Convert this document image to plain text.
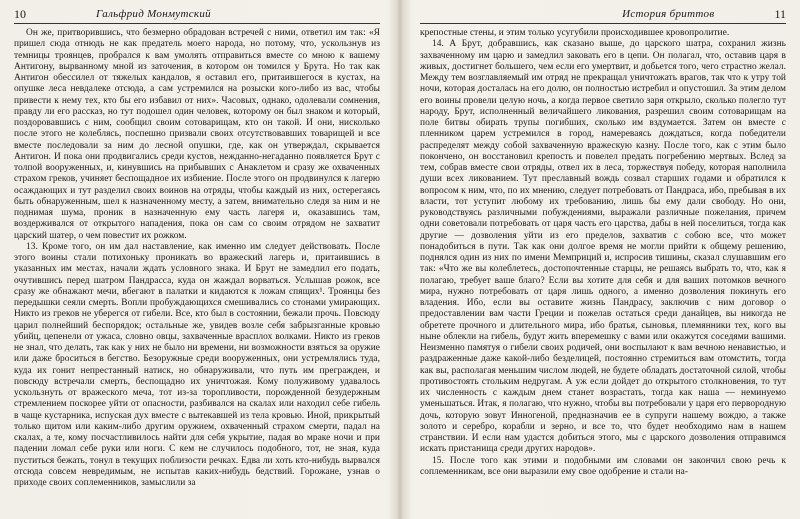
10	Гальфрид Монмутский

Он же, притворившись, что безмерно обрадован встречей с ними, ответил им так: «Я пришел сюда отнюдь не как предатель моего народа, но потому, что, ускользнув из темницы троянцев, пробрался к вам умолять отправиться вместе со мною к вашему Антигону, вырванному мной из заточения, в котором он томился у Брута. Но так как Антигон обессилел от тяжелых кандалов, я оставил его, притаившегося в кустах, на опушке леса невдалеке отсюда, а сам устремился на розыски кого-либо из вас, чтобы привести к нему тех, кто бы его избавил от них». Часовых, однако, одолевали сомнения, правду ли его рассказ, но тут подошел один человек, которому он был знаком и который, поздоровавшись с ним, сообщил своим сотоварищам, кто он такой. И они, нисколько после этого не колеблясь, поспешно призвали своих отсутствовавших товарищей и все вместе последовали за ним до лесной опушки, где, как он утверждал, скрывается Антигон. И пока они продвигались среди кустов, нежданно-негаданно появляется Брут с толпой вооруженных, и, кинувшись на прибывших с Анаклетом и сразу же охваченных страхом греков, учиняет беспощадное их избиение. После этого он продвинулся к лагерю осаждающих и тут разделил своих воинов на отряды, чтобы каждый из них, остерегаясь быть обнаруженным, шел к назначенному месту, а затем, внимательно следя за ним и не поднимая шума, проник в назначенную ему часть лагеря и, оказавшись там, воздерживался от открытого нападения, пока он сам со своим отрядом не захватит царский шатер, о чем повестит их рожком.

13. Кроме того, он им дал наставление, как именно им следует действовать. После этого воины стали потихоньку проникать во вражеский лагерь и, притаившись в указанных им местах, начали ждать условного знака. И Брут не замедлил его подать, очутившись перед шатром Пандрасса, куда он жаждал ворваться. Услышав рожок, все сразу же обнажают мечи, вбегают в палатки и кидаются к ложам спящих¹. Троянцы без передышки сеяли смерть. Вопли пробуждающихся смешивались со стонами умирающих. Никто из греков не уберегся от гибели. Все, кто был в состоянии, бежали прочь. Повсюду царил полнейший беспорядок; остальные же, увидев возле себя забрызганные кровью убийц, цепенели от ужаса, словно овцы, захваченные врасплох волками. Никто из греков не знал, что делать, так как у них не было ни времени, ни возможности взяться за оружие или даже броситься в бегство. Безоружные среди вооруженных, они устремлялись туда, куда их гонит непрестанный натиск, но обнаруживали, что путь им прегражден, и повсюду встречали смерть, беспощадно их уничтожая. Кому полуживому удавалось ускользнуть от вражеского меча, тот из-за торопливости, порожденной безудержным стремлением поскорее уйти от опасности, разбивался на скалах или находил себе гибель в чаще кустарника, испуская дух вместе с вытекавшей из тела кровью. Иной, прикрытый только щитом или каким-либо другим оружием, охваченный страхом смерти, падал на скалах, а те, кому посчастливилось найти для себя укрытие, падая во мраке ночи и при падении ломал себе руки или ноги. С кем не случилось подобного, тот, не зная, куда пуститься бежать, тонул в текущих поблизости речках. Едва ли хоть кто-нибудь вырвался отсюда совсем невредимым, не испытав каких-нибудь бедствий. Горожане, узнав о приходе своих соплеменников, замыслили за

История бриттов	11

крепостные стены, и этим только усугубили происходившее кровопролитие.

14. А Брут, добравшись, как сказано выше, до царского шатра, сохранил жизнь захваченному им царю и замедлил заковать его в цепи. Он полагал, что, оставив царя в живых, достигнет большего, чем если его умертвит, и добьется того, чего страстно желал. Между тем возглавляемый им отряд не прекращал уничтожать врагов, так что к утру той ночи, которая досталась на его долю, он полностью истребил и опустошил. За этим делом его воины провели целую ночь, а когда первое светило заря открыло, сколько полегло тут народу, Брут, исполненный величайшего ликования, разрешил своим сотоварищам на поле битвы обирать трупы погибших, сколько им вздумается. Затем он вместе с пленником царем устремился в город, намереваясь дождаться, когда победители распределят между собой захваченную вражескую казну. После того, как с этим было покончено, он восстановил крепость и повелел предать погребению мертвых. Вслед за тем, собрав вместе свои отряды, отвел их в леса, торжествуя победу, которая наполнила души всех ликованием. Тут преславный вождь созвал старших годами и обратился к вопросом к ним, что, по их мнению, следует потребовать от Пандраса, ибо, пребывая в их власти, тот уступит любому их требованию, лишь бы ему дали свободу. Но они, руководствуясь различными побуждениями, выражали различные пожелания, причем одни советовали потребовать от царя часть его царства, дабы в ней поселиться, тогда как другие — дозволения уйти из его пределов, захватив с собою все, что может понадобиться в пути. Так как они долгое время не могли прийти к общему решению, поднялся один из них по имени Мемприций и, испросив тишины, сказал слушавшим его так: «Что же вы колеблетесь, достопочтенные старцы, не решаясь выбрать то, что, как я полагаю, требует ваше благо? Если вы хотите для себя и для ваших потомков вечного мира, нужно потребовать от царя лишь одного, а именно дозволения покинуть его владения. Ибо, если вы оставите жизнь Пандрасу, заключив с ним договор о предоставлении вам части Греции и пожелав остаться среди данайцев, вы никогда не обретете прочного и длительного мира, ибо братья, сыновья, племянники тех, кого вы ныне облекли на гибель, будут жить вперемешку с вами или окажутся соседями вашими. Неизменно памятуя о гибели своих родичей, они воспылают к вам вечною ненавистью, и раздраженные даже какой-либо безделицей, постоянно стремиться вам отомстить, тогда как вы, располагая меньшим числом людей, не будете обладать достаточной силой, чтобы противостоять стольким недругам. А уж если дойдет до открытого столкновения, то тут их численность с каждым днем станет возрастать, тогда как наша — неминуемо уменьшаться. Итак, я полагаю, что нужно, чтобы вы потребовали у царя его первородную дочь, которую зовут Инногеной, предназначив ее в супруги нашему вождю, а также золото и серебро, корабли и зерно, и все то, что будет необходимо нам в нашем странствии. И если нам удастся добиться этого, мы с царского дозволения отправимся искать пристанища среди других народов».

15. После того как этими и подобными им словами он закончил свою речь к соплеменникам, все они выразили ему свое одобрение и стали на-
